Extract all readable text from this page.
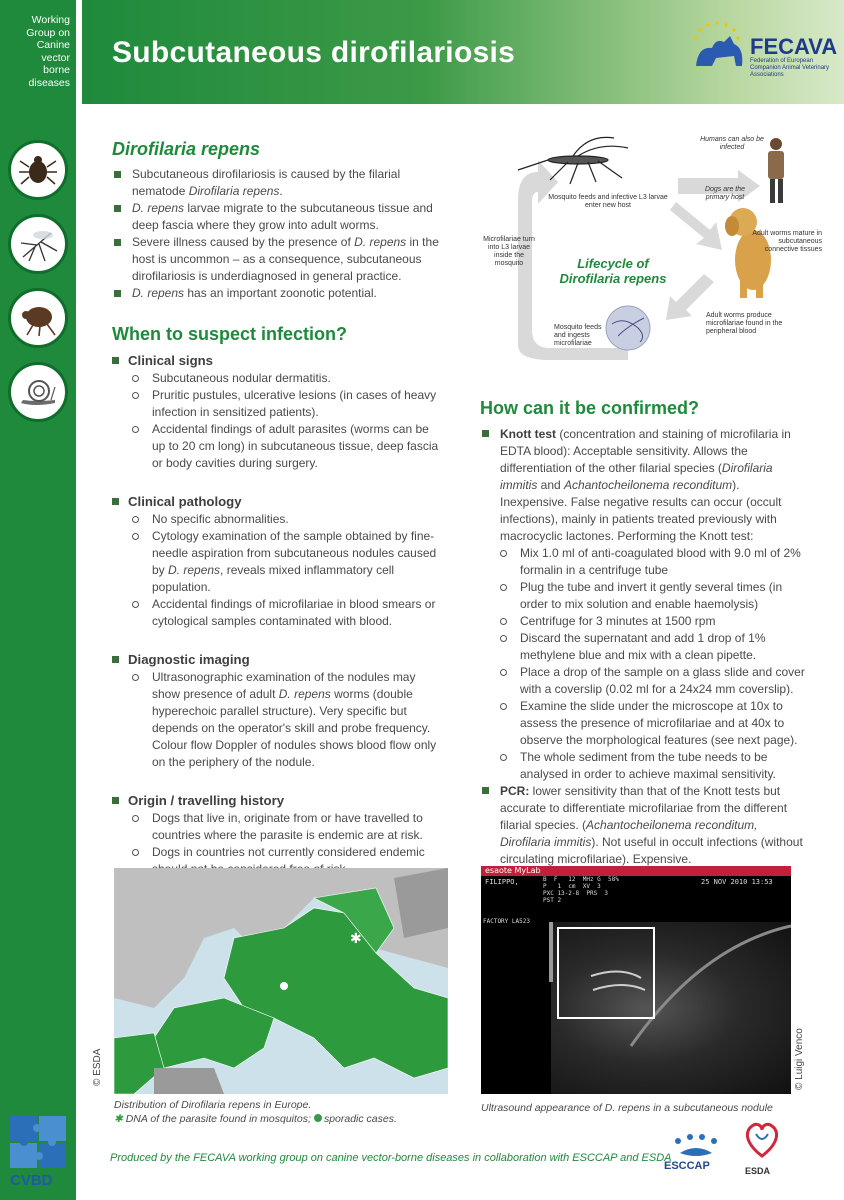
Working
Group on
Canine
vector
borne
diseases
CVBD
Subcutaneous dirofilariosis	FECAVA
Federation of European Companion Animal Veterinary Associations
Dirofilaria repens
Subcutaneous dirofilariosis is caused by the filarial nematode Dirofilaria repens.
D. repens larvae migrate to the subcutaneous tissue and deep fascia where they grow into adult worms.
Severe illness caused by the presence of D. repens in the host is uncommon – as a consequence, subcutaneous dirofilariosis is underdiagnosed in general practice.
D. repens has an important zoonotic potential.
When to suspect infection?
Clinical signs
Subcutaneous nodular dermatitis.
Pruritic pustules, ulcerative lesions (in cases of heavy infection in sensitized patients).
Accidental findings of adult parasites (worms can be up to 20 cm long) in subcutaneous tissue, deep fascia or body cavities during surgery.
Clinical pathology
No specific abnormalities.
Cytology examination of the sample obtained by fine-needle aspiration from subcutaneous nodules caused by D. repens, reveals mixed inflammatory cell population.
Accidental findings of microfilariae in blood smears or cytological samples contaminated with blood.
Diagnostic imaging
Ultrasonographic examination of the nodules may show presence of adult D. repens worms (double hyperechoic parallel structure). Very specific but depends on the operator's skill and probe frequency. Colour flow Doppler of nodules shows blood flow only on the periphery of the nodule.
Origin / travelling history
Dogs that live in, originate from or have travelled to countries where the parasite is endemic are at risk.
Dogs in countries not currently considered endemic
Humans can also be infected
Mosquito feeds and infective L3 larvae enter new host
Dogs are the primary host
Adult worms mature in subcutaneous connective tissues
Microfilariae turn into L3 larvae inside the mosquito
Adult worms produce microfilariae found in the peripheral blood
Mosquito feeds and ingests microfilariae
Lifecycle of Dirofilaria repens
How can it be confirmed?
Knott test (concentration and staining of microfilaria in EDTA blood): Acceptable sensitivity. Allows the differentiation of the other filarial species (Dirofilaria immitis and Achantocheilonema reconditum). Inexpensive. False negative results can occur (occult infections), mainly in patients treated previously with macrocyclic lactones. Performing the Knott test:
Mix 1.0 ml of anti-coagulated blood with 9.0 ml of 2% formalin in a centrifuge tube
Plug the tube and invert it gently several times (in order to mix solution and enable haemolysis)
Centrifuge for 3 minutes at 1500 rpm
Discard the supernatant and add 1 drop of 1% methylene blue and mix with a clean pipette.
Place a drop of the sample on a glass slide and cover with a coverslip (0.02 ml for a 24x24 mm coverslip).
Examine the slide under the microscope at 10x to assess the presence of microfilariae and at 40x to observe the morphological features (see next page).
The whole sediment from the tube needs to be analysed in order to achieve maximal sensitivity.
PCR: lower sensitivity than that of the Knott tests but accurate to differentiate microfilariae from the different filarial species. (Achantocheilonema reconditum, Dirofilaria immitis). Not useful in occult infections (without circulating microfilariae). Expensive.
✱
© ESDA
Distribution of Dirofilaria repens in Europe.
✱ DNA of the parasite found in mosquitos; sporadic cases.
esaote MyLab
FILIPPO,	B  F   12  MHz G  58%
P   1  cm  XV  3
PXC 13-2-8  PRS  3
PST 2
25 NOV 2010 13:53
FACTORY LA523
© Luigi Venco
Ultrasound appearance of D. repens in a subcutaneous nodule
Produced by the FECAVA working group on canine vector-borne diseases in collaboration with ESCCAP and ESDA
ESCCAP	ESDA
